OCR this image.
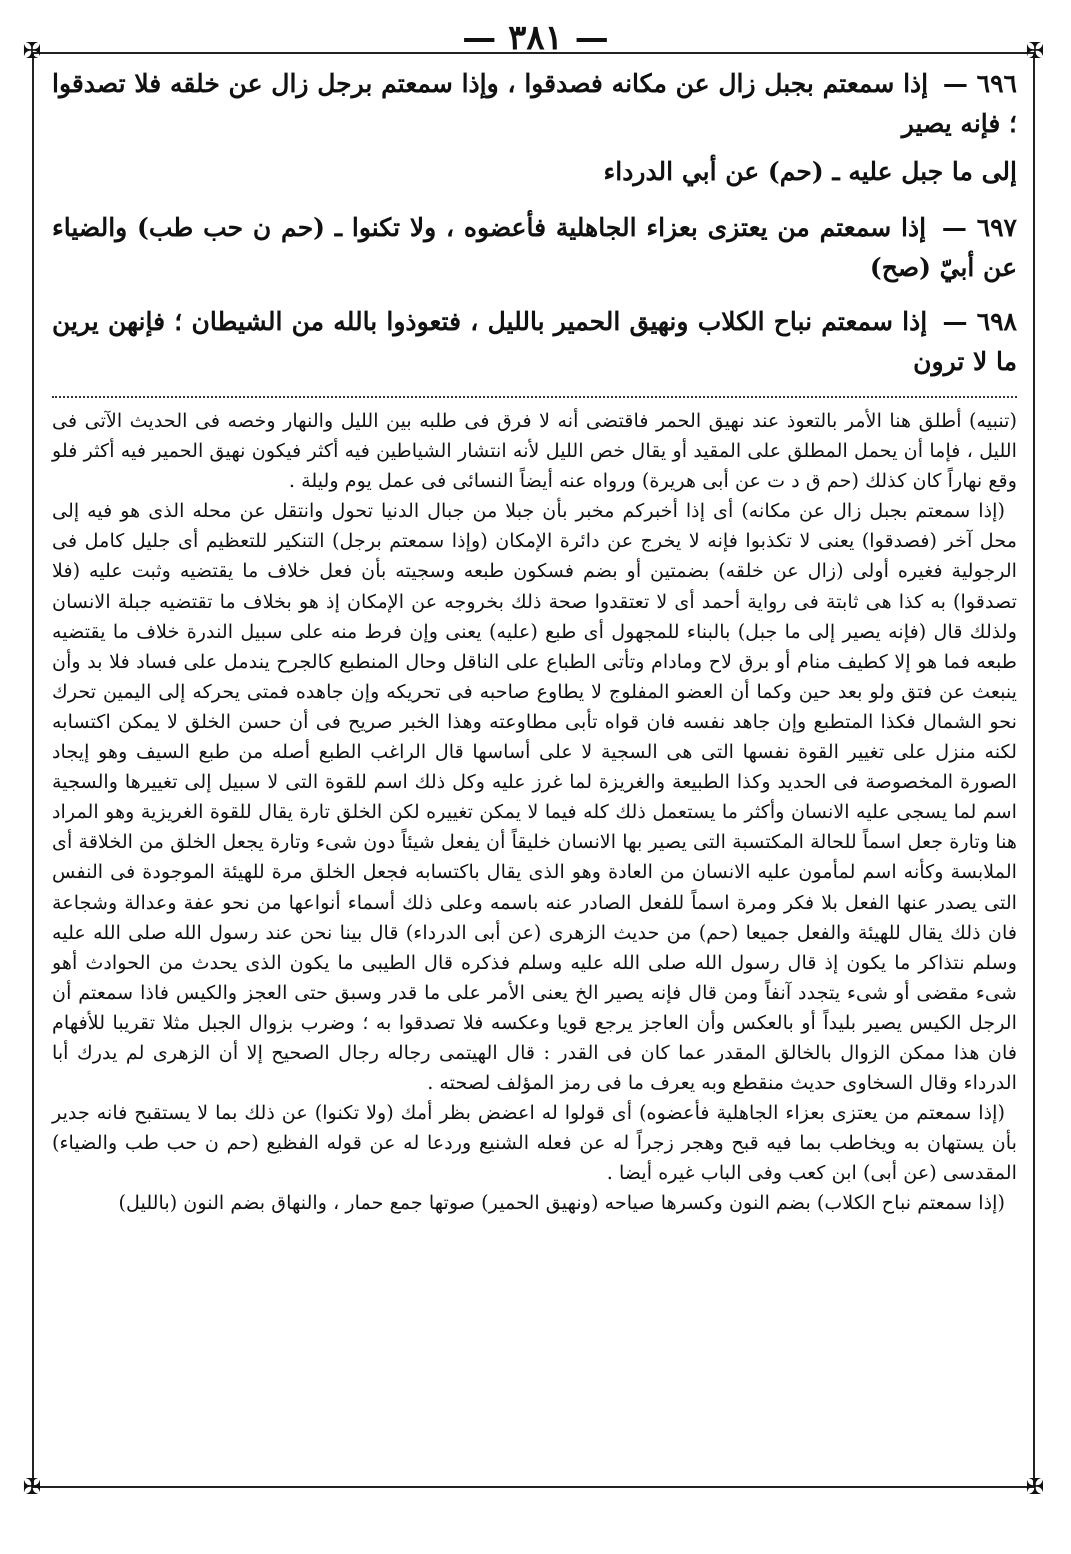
— ٣٨١ —
✠	✠
✠	✠
٦٩٦ — إذا سمعتم بجبل زال عن مكانه فصدقوا ، وإذا سمعتم برجل زال عن خلقه فلا تصدقوا ؛ فإنه يصير
إلى ما جبل عليه ـ (حم) عن أبي الدرداء
٦٩٧ — إذا سمعتم من يعتزى بعزاء الجاهلية فأعضوه ، ولا تكنوا ـ (حم ن حب طب) والضياء عن أبيّ (صح)
٦٩٨ — إذا سمعتم نباح الكلاب ونهيق الحمير بالليل ، فتعوذوا بالله من الشيطان ؛ فإنهن يرين ما لا ترون

(تنبيه) أطلق هنا الأمر بالتعوذ عند نهيق الحمر فاقتضى أنه لا فرق فى طلبه بين الليل والنهار وخصه فى الحديث الآتى فى الليل ، فإما أن يحمل المطلق على المقيد أو يقال خص الليل لأنه انتشار الشياطين فيه أكثر فيكون نهيق الحمير فيه أكثر فلو وقع نهاراً كان كذلك (حم ق د ت عن أبى هريرة) ورواه عنه أيضاً النسائى فى عمل يوم وليلة .

(إذا سمعتم بجبل زال عن مكانه) أى إذا أخبركم مخبر بأن جبلا من جبال الدنيا تحول وانتقل عن محله الذى هو فيه إلى محل آخر (فصدقوا) يعنى لا تكذبوا فإنه لا يخرج عن دائرة الإمكان (وإذا سمعتم برجل) التنكير للتعظيم أى جليل كامل فى الرجولية فغيره أولى (زال عن خلقه) بضمتين أو بضم فسكون طبعه وسجيته بأن فعل خلاف ما يقتضيه وثبت عليه (فلا تصدقوا) به كذا هى ثابتة فى رواية أحمد أى لا تعتقدوا صحة ذلك بخروجه عن الإمكان إذ هو بخلاف ما تقتضيه جبلة الانسان ولذلك قال (فإنه يصير إلى ما جبل) بالبناء للمجهول أى طبع (عليه) يعنى وإن فرط منه على سبيل الندرة خلاف ما يقتضيه طبعه فما هو إلا كطيف منام أو برق لاح ومادام وتأتى الطباع على الناقل وحال المنطبع كالجرح يندمل على فساد فلا بد وأن ينبعث عن فتق ولو بعد حين وكما أن العضو المفلوج لا يطاوع صاحبه فى تحريكه وإن جاهده فمتى يحركه إلى اليمين تحرك نحو الشمال فكذا المتطبع وإن جاهد نفسه فان قواه تأبى مطاوعته وهذا الخبر صريح فى أن حسن الخلق لا يمكن اكتسابه لكنه منزل على تغيير القوة نفسها التى هى السجية لا على أساسها قال الراغب الطبع أصله من طبع السيف وهو إيجاد الصورة المخصوصة فى الحديد وكذا الطبيعة والغريزة لما غرز عليه وكل ذلك اسم للقوة التى لا سبيل إلى تغييرها والسجية اسم لما يسجى عليه الانسان وأكثر ما يستعمل ذلك كله فيما لا يمكن تغييره لكن الخلق تارة يقال للقوة الغريزية وهو المراد هنا وتارة جعل اسماً للحالة المكتسبة التى يصير بها الانسان خليقاً أن يفعل شيئاً دون شىء وتارة يجعل الخلق من الخلاقة أى الملابسة وكأنه اسم لمأمون عليه الانسان من العادة وهو الذى يقال باكتسابه فجعل الخلق مرة للهيئة الموجودة فى النفس التى يصدر عنها الفعل بلا فكر ومرة اسماً للفعل الصادر عنه باسمه وعلى ذلك أسماء أنواعها من نحو عفة وعدالة وشجاعة فان ذلك يقال للهيئة والفعل جميعا (حم) من حديث الزهرى (عن أبى الدرداء) قال بينا نحن عند رسول الله صلى الله عليه وسلم نتذاكر ما يكون إذ قال رسول الله صلى الله عليه وسلم فذكره قال الطيبى ما يكون الذى يحدث من الحوادث أهو شىء مقضى أو شىء يتجدد آنفاً ومن قال فإنه يصير الخ يعنى الأمر على ما قدر وسبق حتى العجز والكيس فاذا سمعتم أن الرجل الكيس يصير بليداً أو بالعكس وأن العاجز يرجع قويا وعكسه فلا تصدقوا به ؛ وضرب بزوال الجبل مثلا تقريبا للأفهام فان هذا ممكن الزوال بالخالق المقدر عما كان فى القدر : قال الهيتمى رجاله رجال الصحيح إلا أن الزهرى لم يدرك أبا الدرداء وقال السخاوى حديث منقطع وبه يعرف ما فى رمز المؤلف لصحته .

(إذا سمعتم من يعتزى بعزاء الجاهلية فأعضوه) أى قولوا له اعضض بظر أمك (ولا تكنوا) عن ذلك بما لا يستقبح فانه جدير بأن يستهان به ويخاطب بما فيه قبح وهجر زجراً له عن فعله الشنيع وردعا له عن قوله الفظيع (حم ن حب طب والضياء) المقدسى (عن أبى) ابن كعب وفى الباب غيره أيضا .

(إذا سمعتم نباح الكلاب) بضم النون وكسرها صياحه (ونهيق الحمير) صوتها جمع حمار ، والنهاق بضم النون (بالليل)
